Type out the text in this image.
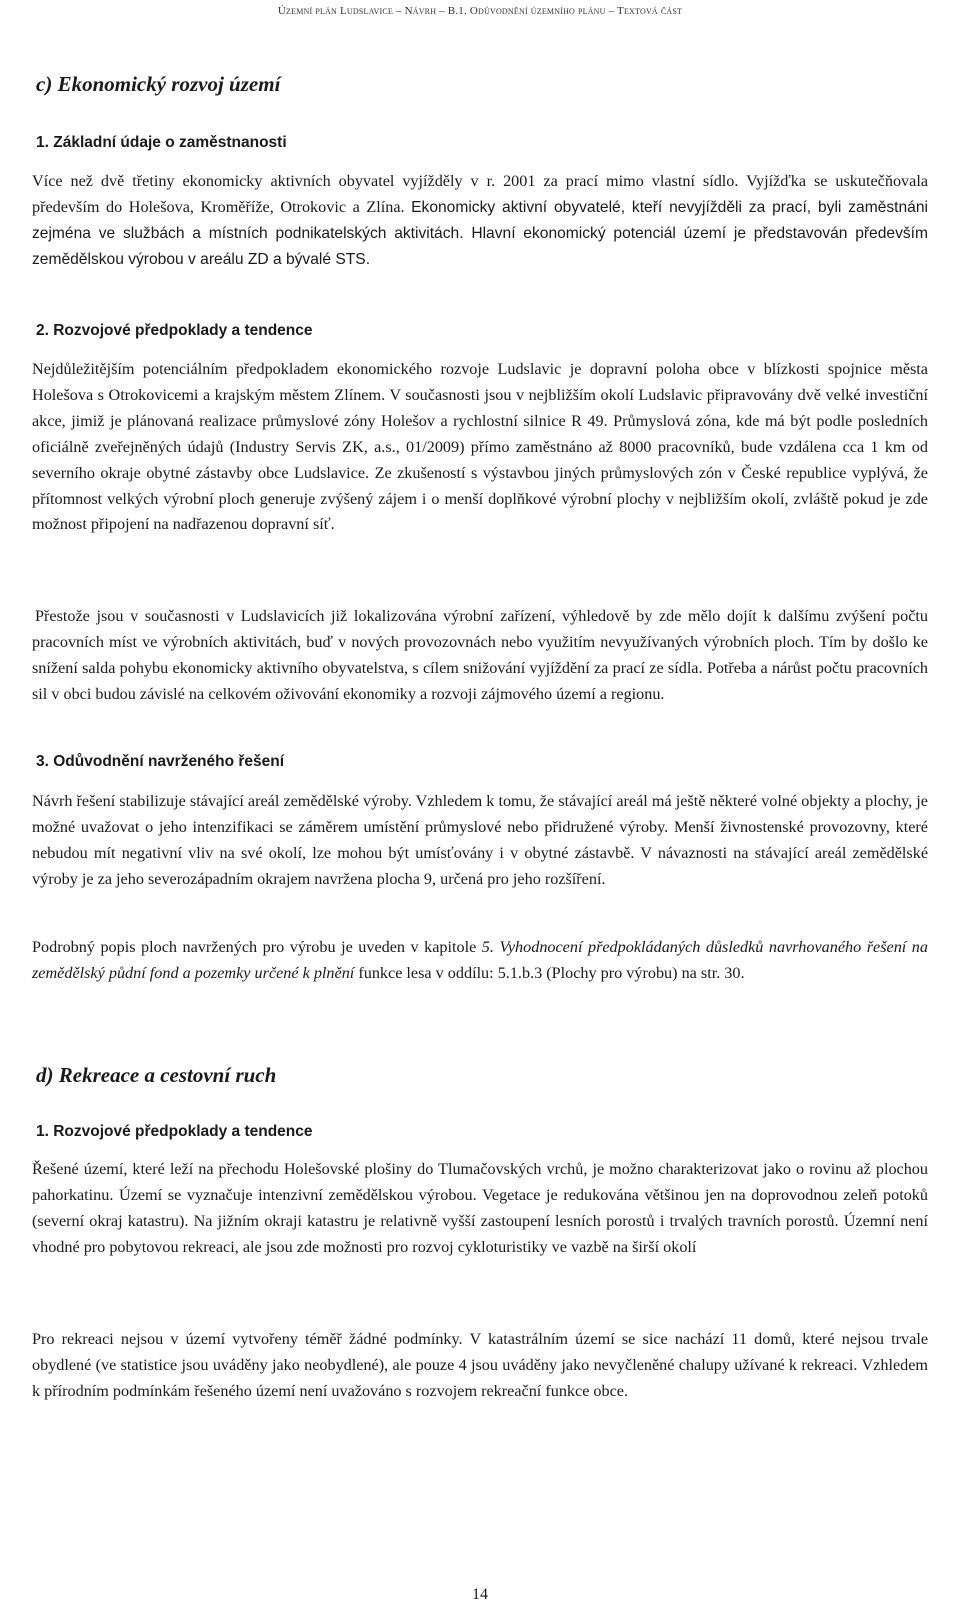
Územní plán Ludslavice – Návrh – B.1. Odůvodnění územního plánu – Textová část
c) Ekonomický rozvoj území
1. Základní údaje o zaměstnanosti

Více než dvě třetiny ekonomicky aktivních obyvatel vyjížděly v r. 2001 za prací mimo vlastní sídlo. Vyjížďka se uskutečňovala především do Holešova, Kroměříže, Otrokovic a Zlína. Ekonomicky aktivní obyvatelé, kteří nevyjížděli za prací, byli zaměstnáni zejména ve službách a místních podnikatelských aktivitách. Hlavní ekonomický potenciál území je představován především zemědělskou výrobou v areálu ZD a bývalé STS.

2. Rozvojové předpoklady a tendence

Nejdůležitějším potenciálním předpokladem ekonomického rozvoje Ludslavic je dopravní poloha obce v blízkosti spojnice města Holešova s Otrokovicemi a krajským městem Zlínem. V současnosti jsou v nejbližším okolí Ludslavic připravovány dvě velké investiční akce, jimiž je plánovaná realizace průmyslové zóny Holešov a rychlostní silnice R 49. Průmyslová zóna, kde má být podle posledních oficiálně zveřejněných údajů (Industry Servis ZK, a.s., 01/2009) přímo zaměstnáno až 8000 pracovníků, bude vzdálena cca 1 km od severního okraje obytné zástavby obce Ludslavice. Ze zkušeností s výstavbou jiných průmyslových zón v České republice vyplývá, že přítomnost velkých výrobní ploch generuje zvýšený zájem i o menší doplňkové výrobní plochy v nejbližším okolí, zvláště pokud je zde možnost připojení na nadřazenou dopravní síť.

Přestože jsou v současnosti v Ludslavicích již lokalizována výrobní zařízení, výhledově by zde mělo dojít k dalšímu zvýšení počtu pracovních míst ve výrobních aktivitách, buď v nových provozovnách nebo využitím nevyužívaných výrobních ploch. Tím by došlo ke snížení salda pohybu ekonomicky aktivního obyvatelstva, s cílem snižování vyjíždění za prací ze sídla. Potřeba a nárůst počtu pracovních sil v obci budou závislé na celkovém oživování ekonomiky a rozvoji zájmového území a regionu.

3. Odůvodnění navrženého řešení

Návrh řešení stabilizuje stávající areál zemědělské výroby. Vzhledem k tomu, že stávající areál má ještě některé volné objekty a plochy, je možné uvažovat o jeho intenzifikaci se záměrem umístění průmyslové nebo přidružené výroby. Menší živnostenské provozovny, které nebudou mít negativní vliv na své okolí, lze mohou být umísťovány i v obytné zástavbě. V návaznosti na stávající areál zemědělské výroby je za jeho severozápadním okrajem navržena plocha 9, určená pro jeho rozšíření.

Podrobný popis ploch navržených pro výrobu je uveden v kapitole 5. Vyhodnocení předpokládaných důsledků navrhovaného řešení na zemědělský půdní fond a pozemky určené k plnění funkce lesa v oddílu: 5.1.b.3 (Plochy pro výrobu) na str. 30.

d) Rekreace a cestovní ruch
1. Rozvojové předpoklady a tendence

Řešené území, které leží na přechodu Holešovské plošiny do Tlumačovských vrchů, je možno charakterizovat jako o rovinu až plochou pahorkatinu. Území se vyznačuje intenzivní zemědělskou výrobou. Vegetace je redukována většinou jen na doprovodnou zeleň potoků (severní okraj katastru). Na jižním okraji katastru je relativně vyšší zastoupení lesních porostů i trvalých travních porostů. Územní není vhodné pro pobytovou rekreaci, ale jsou zde možnosti pro rozvoj cykloturistiky ve vazbě na širší okolí

Pro rekreaci nejsou v území vytvořeny téměř žádné podmínky. V katastrálním území se sice nachází 11 domů, které nejsou trvale obydlené (ve statistice jsou uváděny jako neobydlené), ale pouze 4 jsou uváděny jako nevyčleněné chalupy užívané k rekreaci. Vzhledem k přírodním podmínkám řešeného území není uvažováno s rozvojem rekreační funkce obce.

14
